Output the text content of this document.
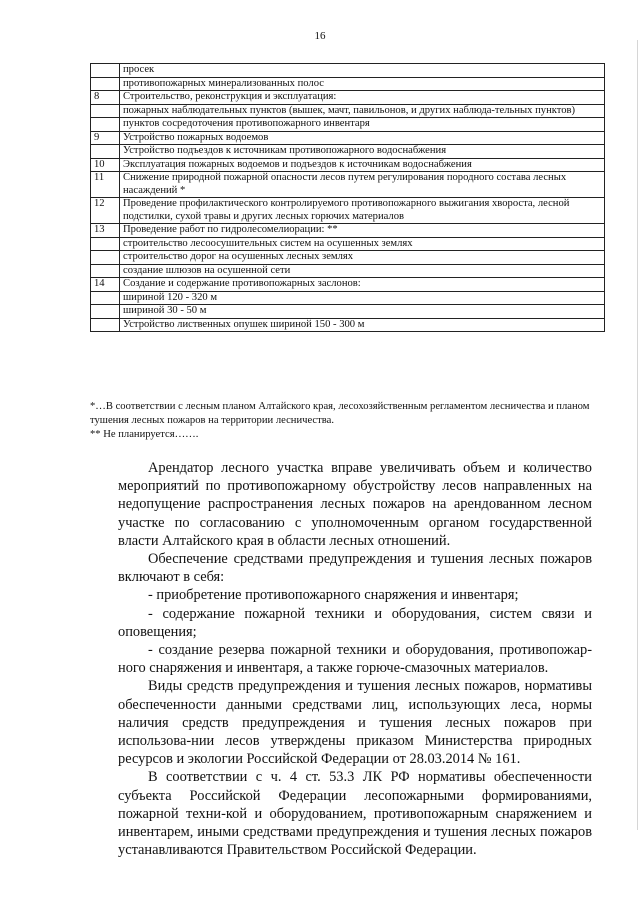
16
	просек
	противопожарных минерализованных полос
8	Строительство, реконструкция и эксплуатация:
	пожарных наблюдательных пунктов (вышек, мачт, павильонов, и других наблюда-тельных пунктов)
	пунктов сосредоточения противопожарного инвентаря
9	Устройство пожарных водоемов
	Устройство подъездов к источникам противопожарного водоснабжения
10	Эксплуатация пожарных водоемов и подъездов к источникам водоснабжения
11	Снижение природной пожарной опасности лесов путем регулирования породного состава лесных насаждений *
12	Проведение профилактического контролируемого противопожарного выжигания хвороста, лесной подстилки, сухой травы и других лесных горючих материалов
13	Проведение работ по гидролесомелиорации: **
	строительство лесоосушительных систем на осушенных землях
	строительство дорог на осушенных лесных землях
	создание шлюзов на осушенной сети
14	Создание и содержание противопожарных заслонов:
	шириной 120 - 320 м
	шириной 30 - 50 м
	Устройство лиственных опушек шириной 150 - 300 м

*…В соответствии с лесным планом Алтайского края, лесохозяйственным регламентом лесничества и планом тушения лесных пожаров на территории лесничества.

** Не планируется…….

Арендатор лесного участка вправе увеличивать объем и количество мероприятий по противопожарному обустройству лесов направленных на недопущение распространения лесных пожаров на арендованном лесном участке по согласованию с уполномоченным органом государственной власти Алтайского края в области лесных отношений.

Обеспечение средствами предупреждения и тушения лесных пожаров включают в себя:

- приобретение противопожарного снаряжения и инвентаря;

- содержание пожарной техники и оборудования, систем связи и оповещения;

- создание резерва пожарной техники и оборудования, противопожар-ного снаряжения и инвентаря, а также горюче-смазочных материалов.

Виды средств предупреждения и тушения лесных пожаров, нормативы обеспеченности данными средствами лиц, использующих леса, нормы наличия средств предупреждения и тушения лесных пожаров при использова-нии лесов утверждены приказом Министерства природных ресурсов и экологии Российской Федерации от 28.03.2014 № 161.

В соответствии с ч. 4 ст. 53.3 ЛК РФ нормативы обеспеченности субъекта Российской Федерации лесопожарными формированиями, пожарной техни-кой и оборудованием, противопожарным снаряжением и инвентарем, иными средствами предупреждения и тушения лесных пожаров устанавливаются Правительством Российской Федерации.
